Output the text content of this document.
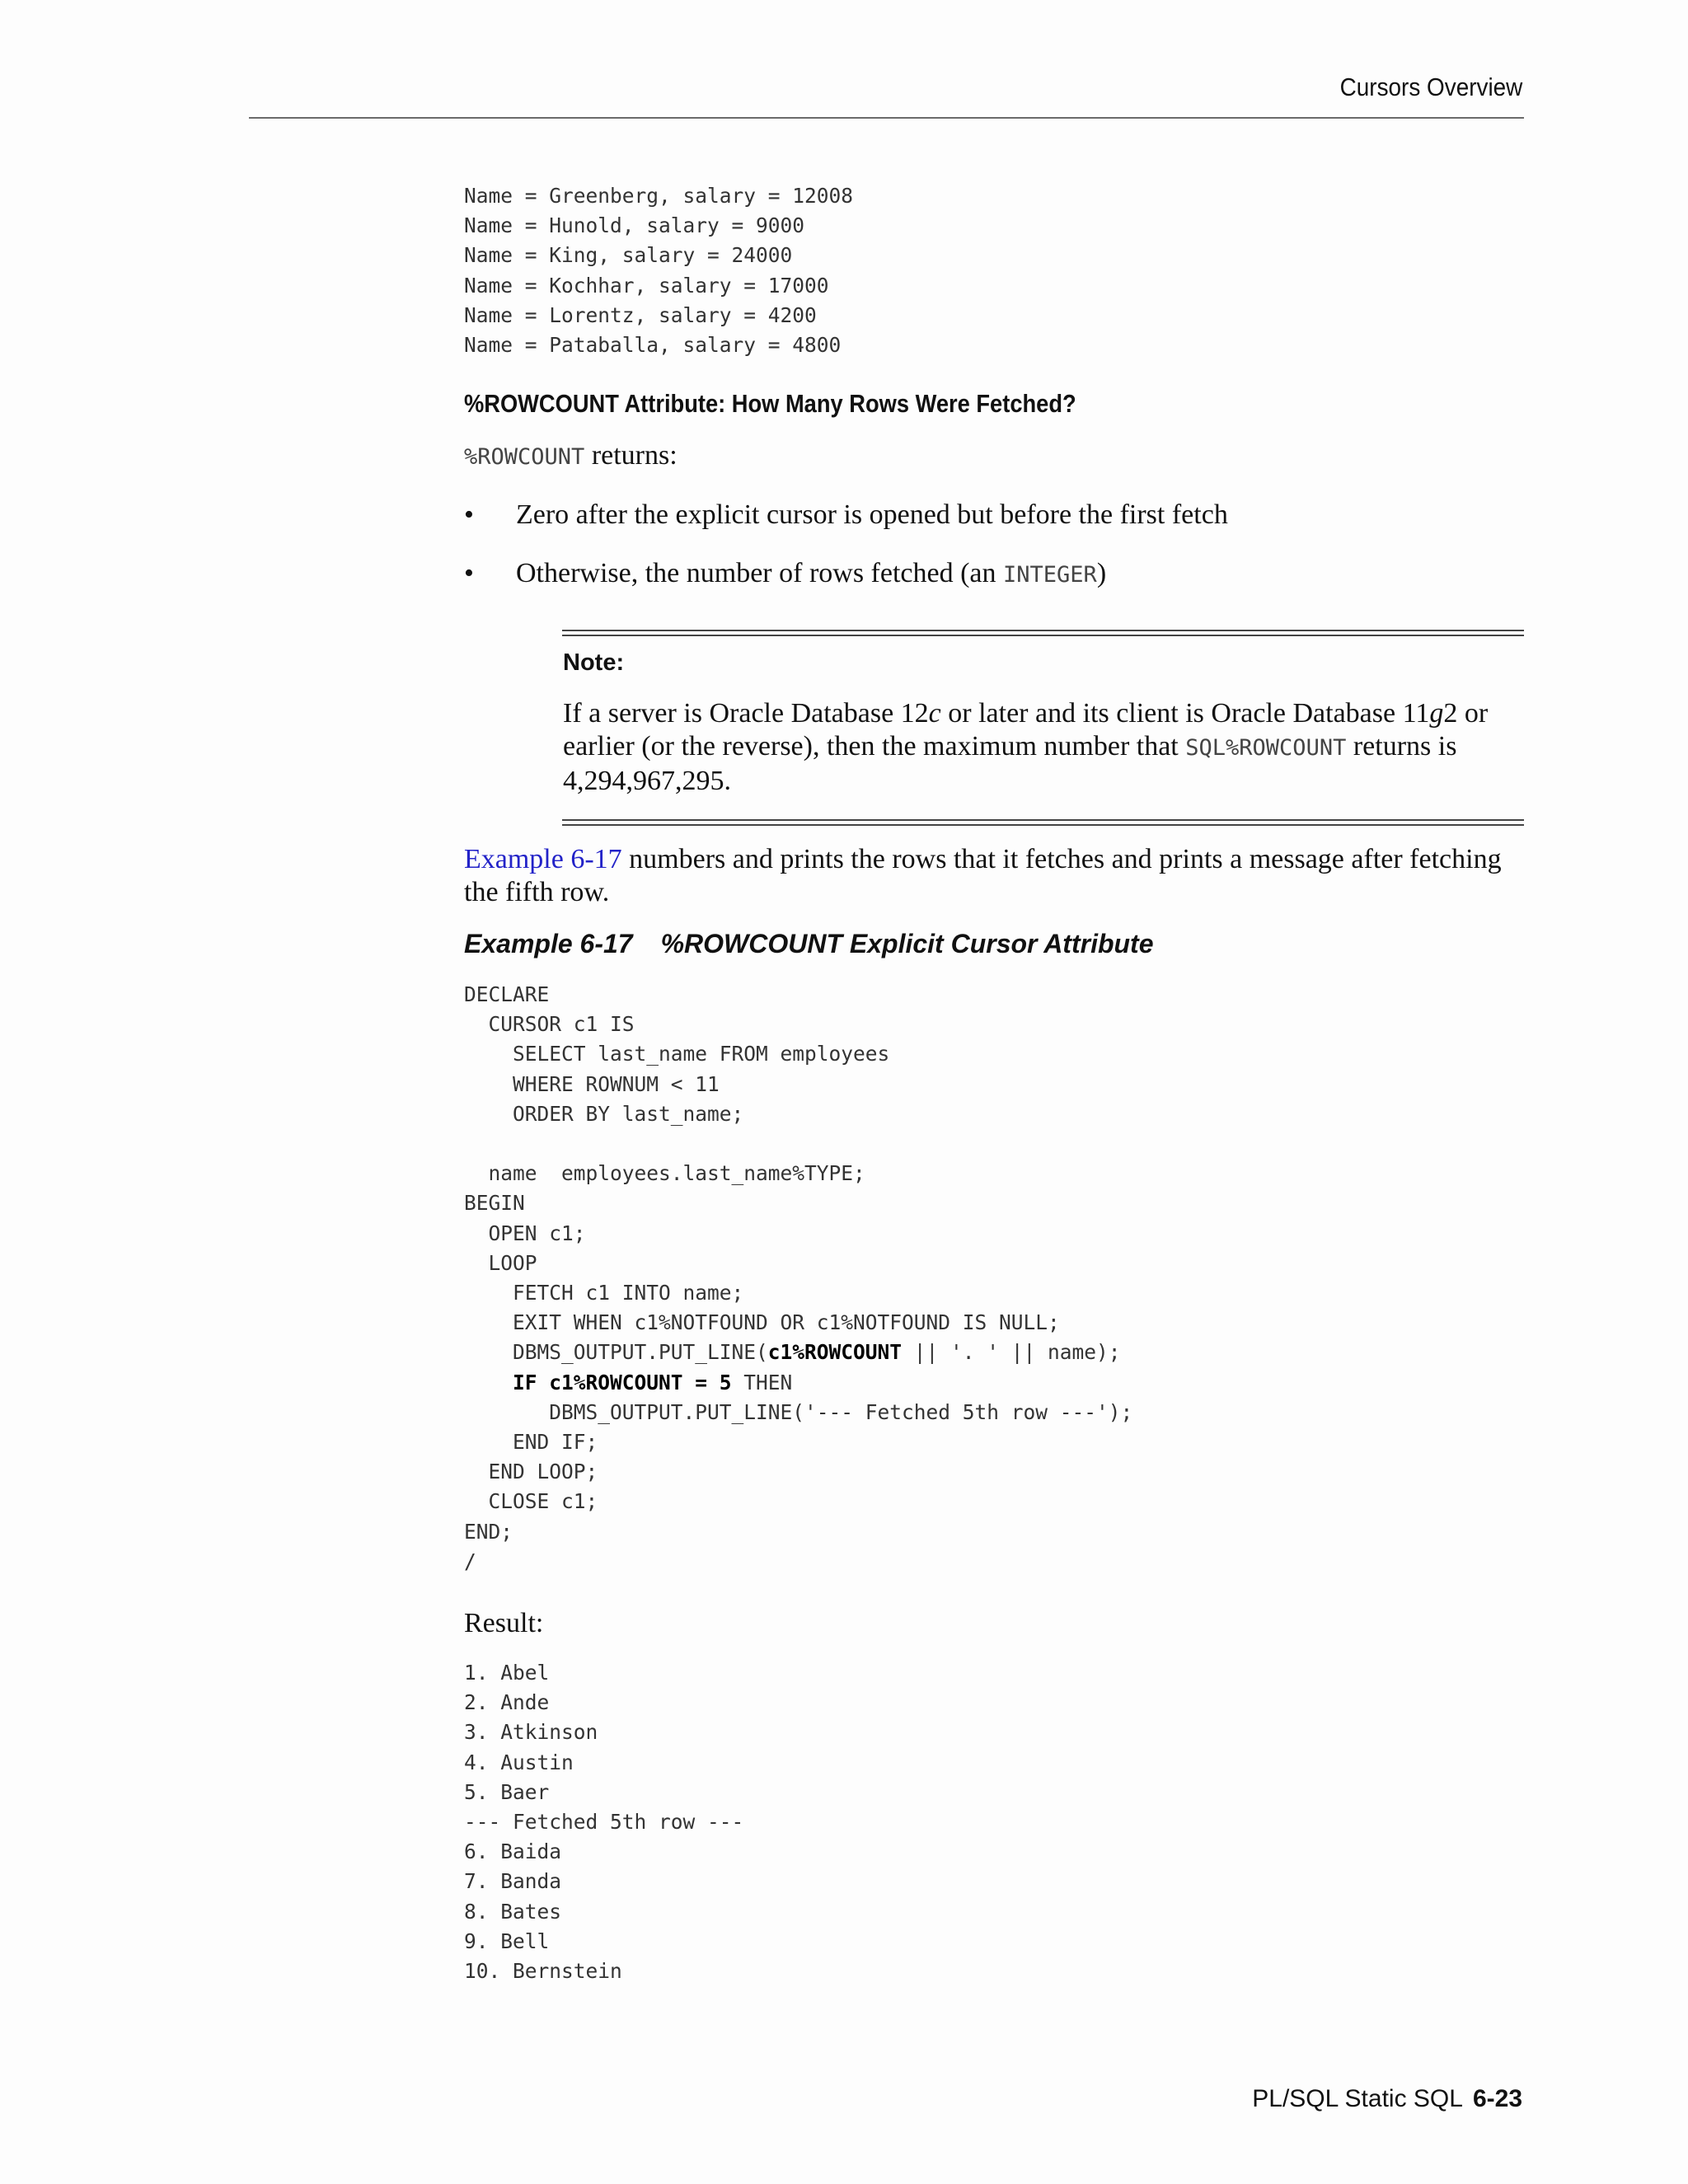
Cursors Overview
Name = Greenberg, salary = 12008
Name = Hunold, salary = 9000
Name = King, salary = 24000
Name = Kochhar, salary = 17000
Name = Lorentz, salary = 4200
Name = Pataballa, salary = 4800
%ROWCOUNT Attribute: How Many Rows Were Fetched?
%ROWCOUNT returns:
• Zero after the explicit cursor is opened but before the first fetch
• Otherwise, the number of rows fetched (an INTEGER)
Note:
If a server is Oracle Database 12c or later and its client is Oracle Database 11g2 or earlier (or the reverse), then the maximum number that SQL%ROWCOUNT returns is 4,294,967,295.
Example 6-17 numbers and prints the rows that it fetches and prints a message after fetching the fifth row.
Example 6-17 %ROWCOUNT Explicit Cursor Attribute
DECLARE
CURSOR c1 IS
SELECT last_name FROM employees
WHERE ROWNUM < 11
ORDER BY last_name;
name  employees.last_name%TYPE;
BEGIN
OPEN c1;
LOOP
FETCH c1 INTO name;
EXIT WHEN c1%NOTFOUND OR c1%NOTFOUND IS NULL;
DBMS_OUTPUT.PUT_LINE(c1%ROWCOUNT || '. ' || name);
IF c1%ROWCOUNT = 5 THEN
DBMS_OUTPUT.PUT_LINE('--- Fetched 5th row ---');
END IF;
END LOOP;
CLOSE c1;
END;
/
Result:
1. Abel
2. Ande
3. Atkinson
4. Austin
5. Baer
--- Fetched 5th row ---
6. Baida
7. Banda
8. Bates
9. Bell
10. Bernstein
PL/SQL Static SQL 6-23
